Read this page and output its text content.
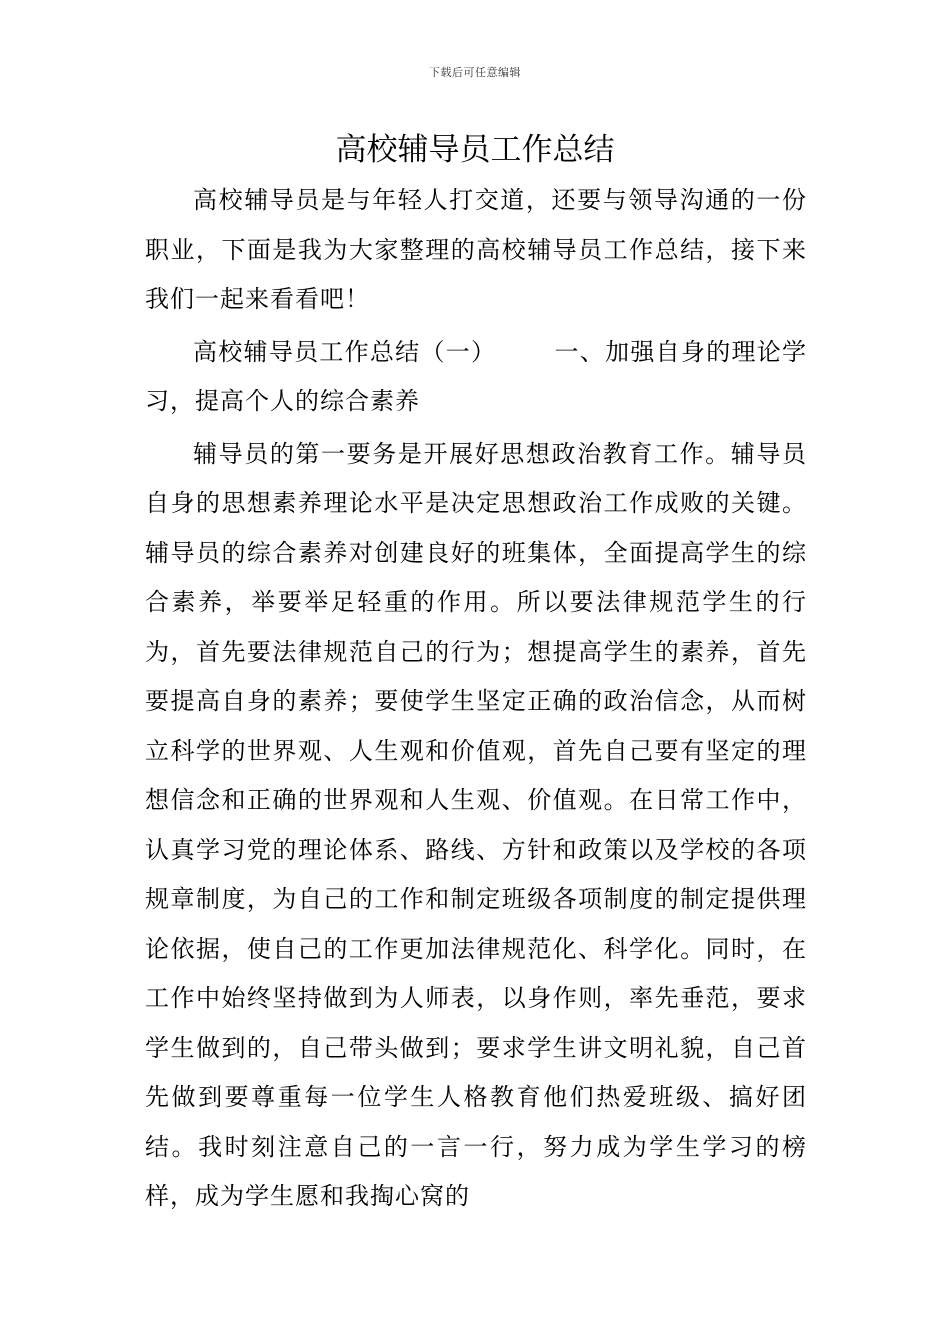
下载后可任意编辑
高校辅导员工作总结

高校辅导员是与年轻人打交道，还要与领导沟通的一份职业，下面是我为大家整理的高校辅导员工作总结，接下来我们一起来看看吧！

高校辅导员工作总结（一） 一、加强自身的理论学习，提高个人的综合素养

辅导员的第一要务是开展好思想政治教育工作。辅导员自身的思想素养理论水平是决定思想政治工作成败的关键。辅导员的综合素养对创建良好的班集体，全面提高学生的综合素养，举要举足轻重的作用。所以要法律规范学生的行为，首先要法律规范自己的行为；想提高学生的素养，首先要提高自身的素养；要使学生坚定正确的政治信念，从而树立科学的世界观、人生观和价值观，首先自己要有坚定的理想信念和正确的世界观和人生观、价值观。在日常工作中，认真学习党的理论体系、路线、方针和政策以及学校的各项规章制度，为自己的工作和制定班级各项制度的制定提供理论依据，使自己的工作更加法律规范化、科学化。同时，在工作中始终坚持做到为人师表，以身作则，率先垂范，要求学生做到的，自己带头做到；要求学生讲文明礼貌，自己首先做到要尊重每一位学生人格教育他们热爱班级、搞好团结。我时刻注意自己的一言一行，努力成为学生学习的榜样，成为学生愿和我掏心窝的
